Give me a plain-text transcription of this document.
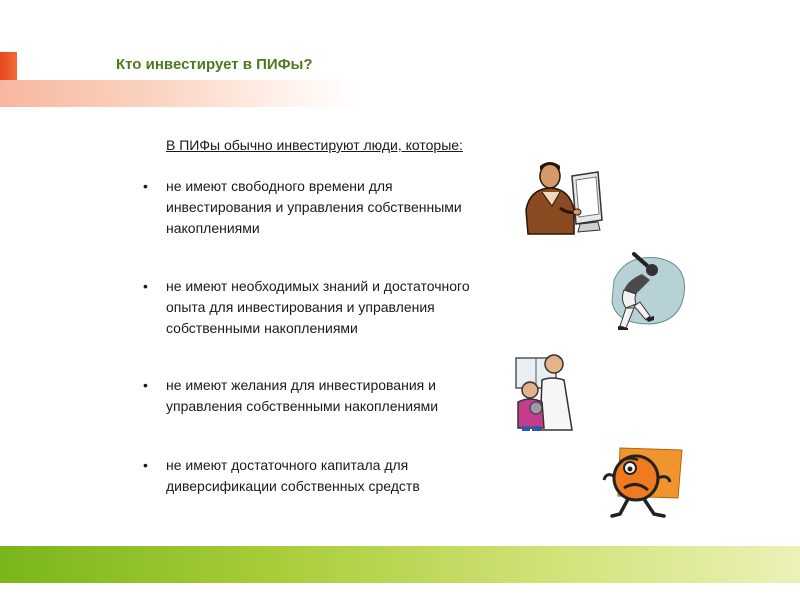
Кто инвестирует в ПИФы?
В ПИФы обычно инвестируют люди, которые:
• не имеют свободного времени для
инвестирования и управления собственными
накоплениями
• не имеют необходимых знаний и достаточного
опыта для инвестирования и управления
собственными накоплениями
• не имеют желания для инвестирования и
управления собственными накоплениями
• не имеют достаточного капитала для
диверсификации собственных средств
